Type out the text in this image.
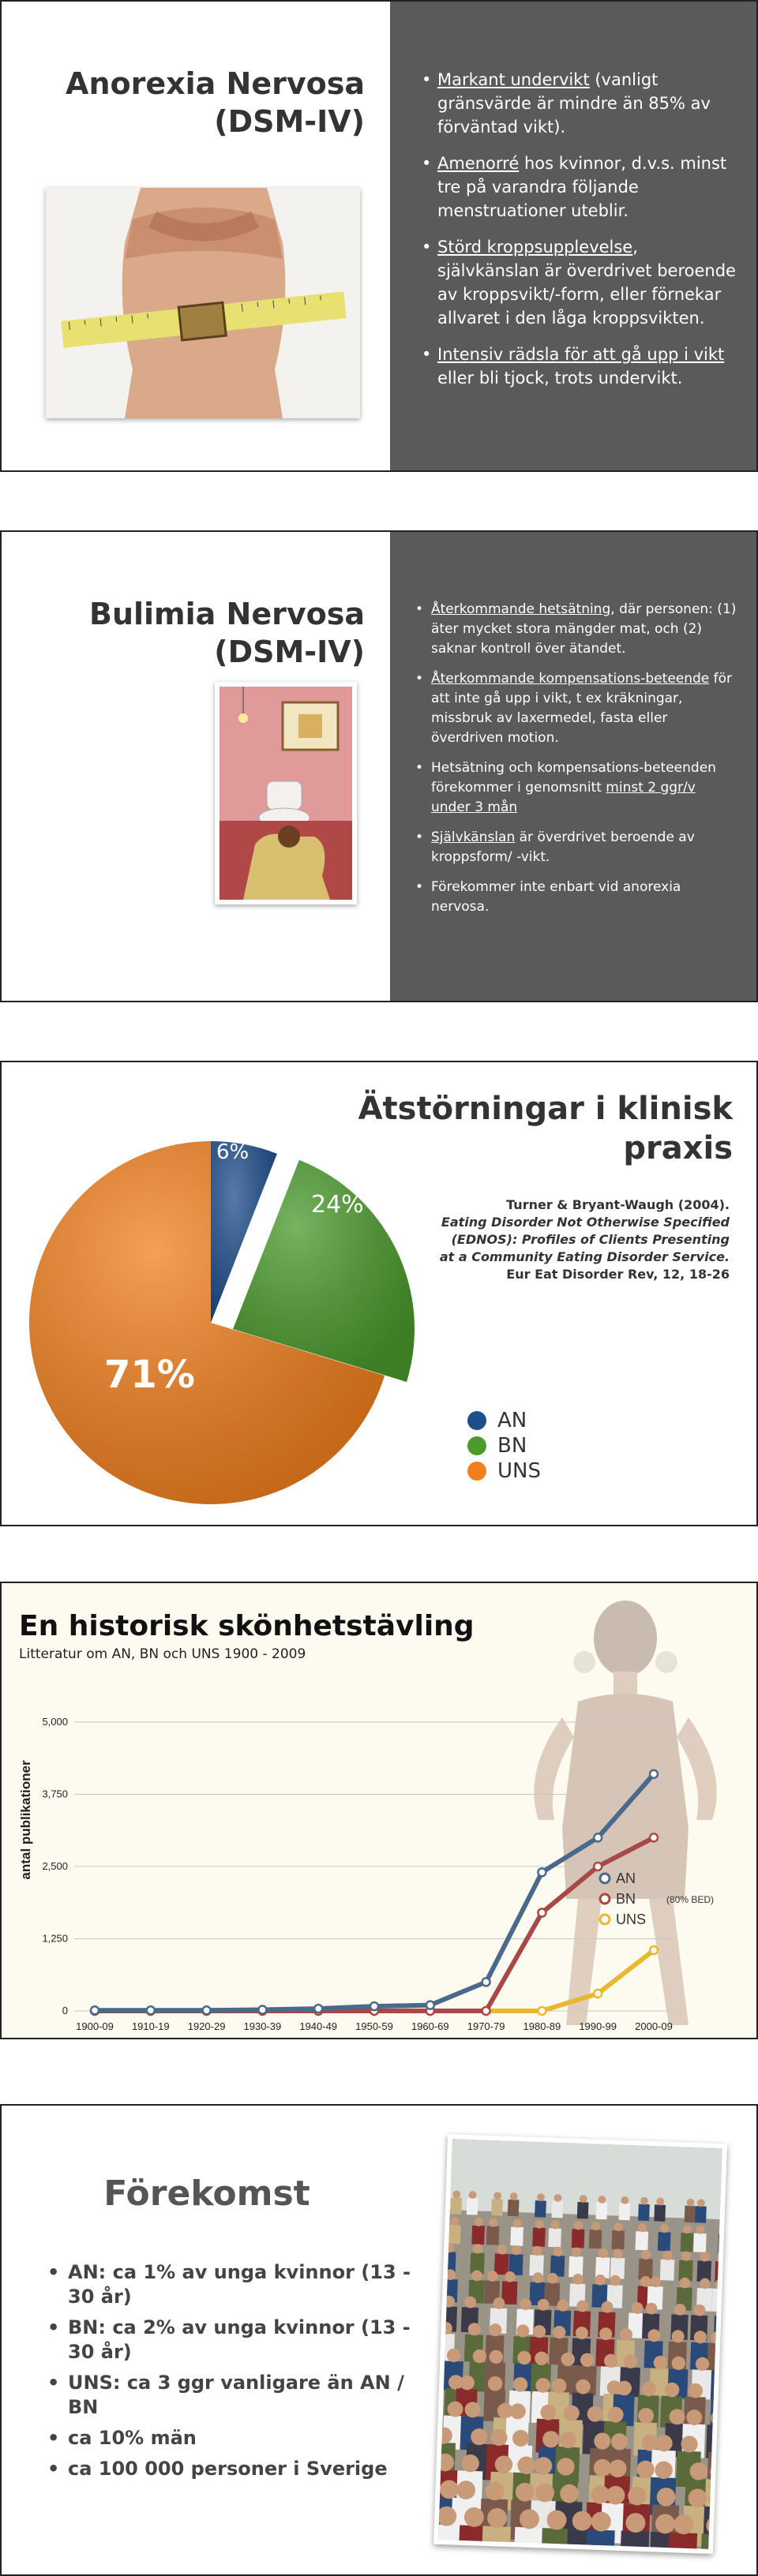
Anorexia Nervosa
(DSM-IV)
• Markant undervikt (vanligt gränsvärde är mindre än 85% av förväntad vikt).
• Amenorré hos kvinnor, d.v.s. minst tre på varandra följande menstruationer uteblir.
• Störd kroppsupplevelse, självkänslan är överdrivet beroende av kroppsvikt/-form, eller förnekar allvaret i den låga kroppsvikten.
• Intensiv rädsla för att gå upp i vikt eller bli tjock, trots undervikt.
Bulimia Nervosa
(DSM-IV)
• Återkommande hetsätning, där personen: (1) äter mycket stora mängder mat, och (2) saknar kontroll över ätandet.
• Återkommande kompensations-beteende för att inte gå upp i vikt, t ex kräkningar, missbruk av laxermedel, fasta eller överdriven motion.
• Hetsätning och kompensations-beteenden förekommer i genomsnitt minst 2 ggr/v under 3 mån
• Självkänslan är överdrivet beroende av kroppsform/ -vikt.
• Förekommer inte enbart vid anorexia nervosa.
6%
24%
71%
Ätstörningar i klinisk
praxis
Turner & Bryant-Waugh (2004).
Eating Disorder Not Otherwise Specified
(EDNOS): Profiles of Clients Presenting
at a Community Eating Disorder Service.
Eur Eat Disorder Rev, 12, 18-26
AN
BN
UNS
0
1,250
2,500
3,750
5,000
1900-09 1910-19 1920-29 1930-39 1940-49 1950-59 1960-69 1970-79 1980-89 1990-99 2000-09
AN
BN
UNS
(80% BED)
antal publikationer
En historisk skönhetstävling
Litteratur om AN, BN och UNS 1900 - 2009
Förekomst
• AN: ca 1% av unga kvinnor (13 - 30 år)
• BN: ca 2% av unga kvinnor (13 - 30 år)
• UNS: ca 3 ggr vanligare än AN / BN
• ca 10% män
• ca 100 000 personer i Sverige
